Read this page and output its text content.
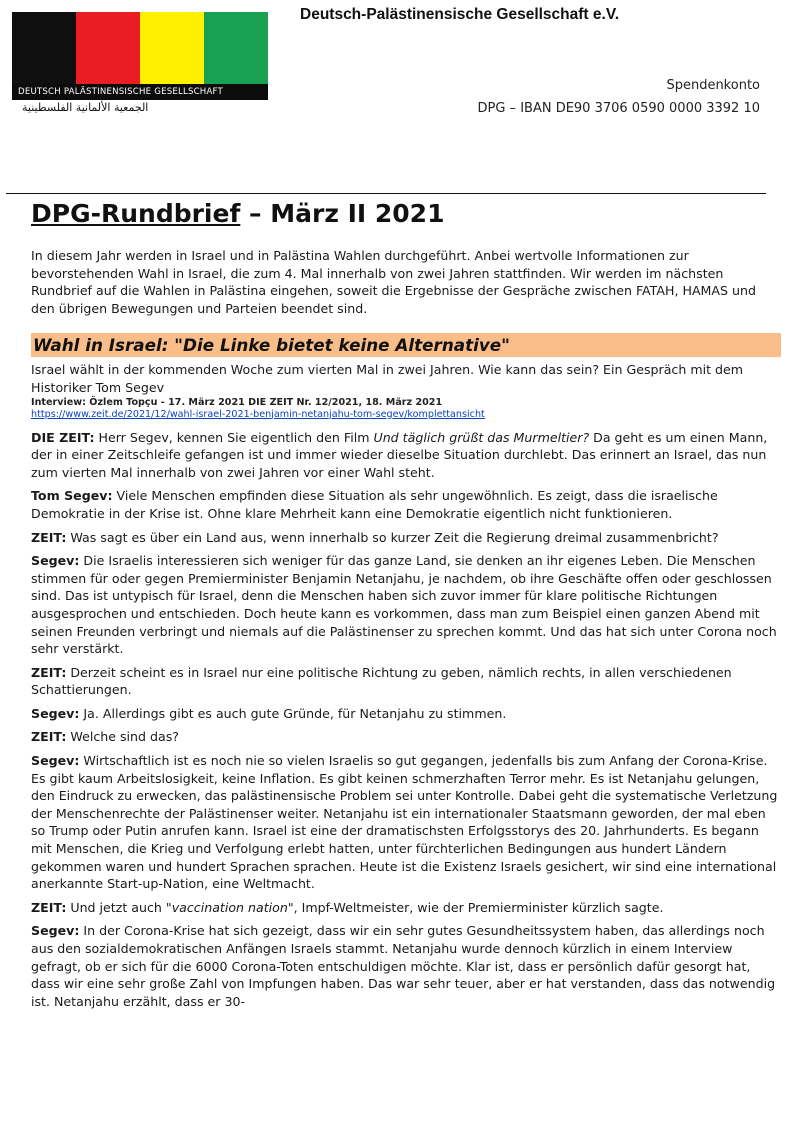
DEUTSCH PALÄSTINENSISCHE GESELLSCHAFT
الجمعية الألمانية الفلسطينية
Deutsch-Palästinensische Gesellschaft e.V.
Spendenkonto
DPG – IBAN DE90 3706 0590 0000 3392 10
DPG-Rundbrief – März II 2021

In diesem Jahr werden in Israel und in Palästina Wahlen durchgeführt. Anbei wertvolle Informationen zur bevorstehenden Wahl in Israel, die zum 4. Mal innerhalb von zwei Jahren stattfinden. Wir werden im nächsten Rundbrief auf die Wahlen in Palästina eingehen, soweit die Ergebnisse der Gespräche zwischen FATAH, HAMAS und den übrigen Bewegungen und Parteien beendet sind.

Wahl in Israel: "Die Linke bietet keine Alternative"

Israel wählt in der kommenden Woche zum vierten Mal in zwei Jahren. Wie kann das sein? Ein Gespräch mit dem Historiker Tom Segev

Interview: Özlem Topçu - 17. März 2021 DIE ZEIT Nr. 12/2021, 18. März 2021

https://www.zeit.de/2021/12/wahl-israel-2021-benjamin-netanjahu-tom-segev/komplettansicht

DIE ZEIT: Herr Segev, kennen Sie eigentlich den Film Und täglich grüßt das Murmeltier? Da geht es um einen Mann, der in einer Zeitschleife gefangen ist und immer wieder dieselbe Situation durchlebt. Das erinnert an Israel, das nun zum vierten Mal innerhalb von zwei Jahren vor einer Wahl steht.

Tom Segev: Viele Menschen empfinden diese Situation als sehr ungewöhnlich. Es zeigt, dass die israelische Demokratie in der Krise ist. Ohne klare Mehrheit kann eine Demokratie eigentlich nicht funktionieren.

ZEIT: Was sagt es über ein Land aus, wenn innerhalb so kurzer Zeit die Regierung dreimal zusammenbricht?

Segev: Die Israelis interessieren sich weniger für das ganze Land, sie denken an ihr eigenes Leben. Die Menschen stimmen für oder gegen Premierminister Benjamin Netanjahu, je nachdem, ob ihre Geschäfte offen oder geschlossen sind. Das ist untypisch für Israel, denn die Menschen haben sich zuvor immer für klare politische Richtungen ausgesprochen und entschieden. Doch heute kann es vorkommen, dass man zum Beispiel einen ganzen Abend mit seinen Freunden verbringt und niemals auf die Palästinenser zu sprechen kommt. Und das hat sich unter Corona noch sehr verstärkt.

ZEIT: Derzeit scheint es in Israel nur eine politische Richtung zu geben, nämlich rechts, in allen verschiedenen Schattierungen.

Segev: Ja. Allerdings gibt es auch gute Gründe, für Netanjahu zu stimmen.

ZEIT: Welche sind das?

Segev: Wirtschaftlich ist es noch nie so vielen Israelis so gut gegangen, jedenfalls bis zum Anfang der Corona-Krise. Es gibt kaum Arbeitslosigkeit, keine Inflation. Es gibt keinen schmerzhaften Terror mehr. Es ist Netanjahu gelungen, den Eindruck zu erwecken, das palästinensische Problem sei unter Kontrolle. Dabei geht die systematische Verletzung der Menschenrechte der Palästinenser weiter. Netanjahu ist ein internationaler Staatsmann geworden, der mal eben so Trump oder Putin anrufen kann. Israel ist eine der dramatischsten Erfolgsstorys des 20. Jahrhunderts. Es begann mit Menschen, die Krieg und Verfolgung erlebt hatten, unter fürchterlichen Bedingungen aus hundert Ländern gekommen waren und hundert Sprachen sprachen. Heute ist die Existenz Israels gesichert, wir sind eine international anerkannte Start-up-Nation, eine Weltmacht.

ZEIT: Und jetzt auch "vaccination nation", Impf-Weltmeister, wie der Premierminister kürzlich sagte.

Segev: In der Corona-Krise hat sich gezeigt, dass wir ein sehr gutes Gesundheitssystem haben, das allerdings noch aus den sozialdemokratischen Anfängen Israels stammt. Netanjahu wurde dennoch kürzlich in einem Interview gefragt, ob er sich für die 6000 Corona-Toten entschuldigen möchte. Klar ist, dass er persönlich dafür gesorgt hat, dass wir eine sehr große Zahl von Impfungen haben. Das war sehr teuer, aber er hat verstanden, dass das notwendig ist. Netanjahu erzählt, dass er 30-
